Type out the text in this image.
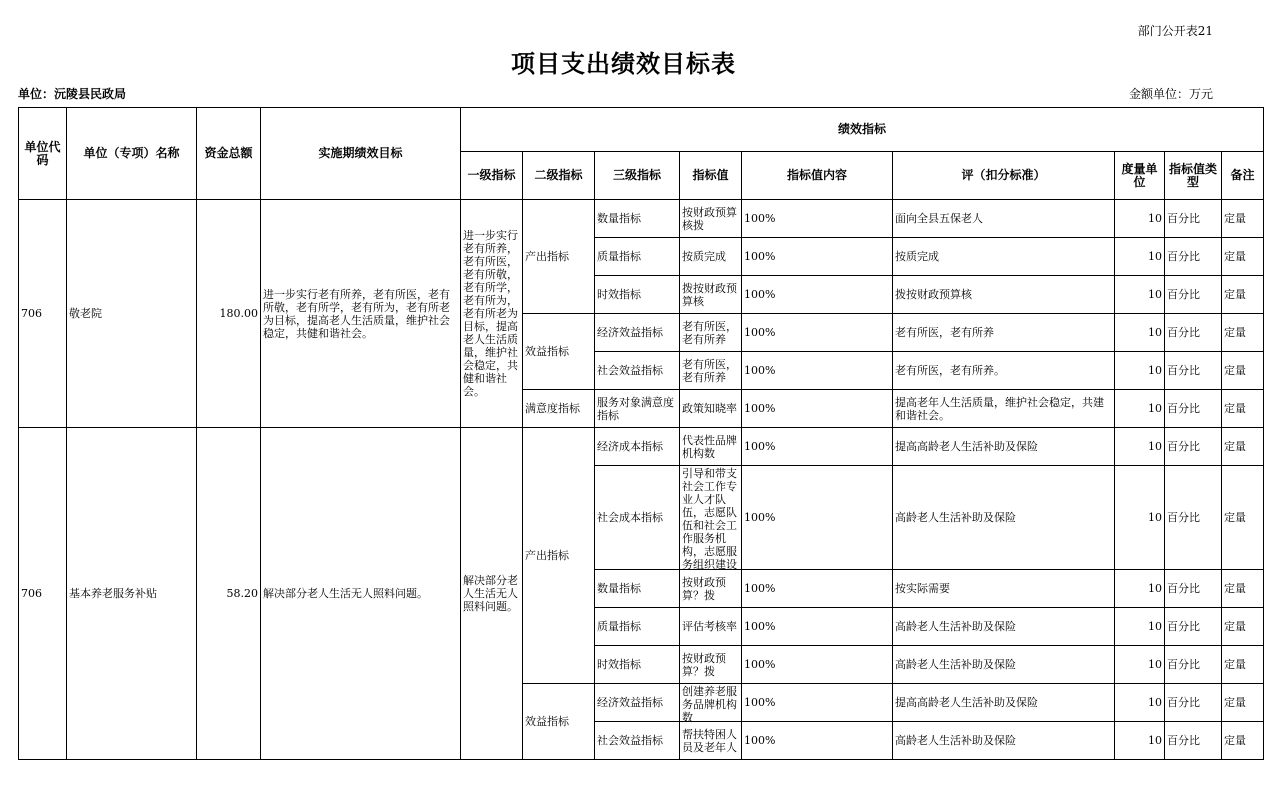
部门公开表21
项目支出绩效目标表
单位：沅陵县民政局	金额单位：万元
单位代码	单位（专项）名称	资金总额	实施期绩效目标	绩效指标								
				一级指标	二级指标	三级指标	指标值	指标值内容	评（扣分标准）	度量单位	指标值类型	备注
706	敬老院	180.00	进一步实行老有所养，老有所医，老有所敬，老有所学，老有所为，老有所老为目标，提高老人生活质量，维护社会稳定，共健和谐社会。	进一步实行老有所养，老有所医，老有所敬，老有所学，老有所为，老有所老为目标，提高老人生活质量，维护社会稳定，共健和谐社会。	产出指标	数量指标	按财政预算核拨	100%	面向全县五保老人	10	百分比	定量
						质量指标	按质完成	100%	按质完成	10	百分比	定量
						时效指标	拨按财政预算核	100%	拨按财政预算核	10	百分比	定量
					效益指标	经济效益指标	老有所医，老有所养	100%	老有所医，老有所养	10	百分比	定量
						社会效益指标	老有所医，老有所养	100%	老有所医，老有所养。	10	百分比	定量
					满意度指标	服务对象满意度指标	政策知晓率	100%	提高老年人生活质量，维护社会稳定，共建和谐社会。	10	百分比	定量
706	基本养老服务补贴	58.20	解决部分老人生活无人照料问题。	解决部分老人生活无人照料问题。	产出指标	经济成本指标	代表性品牌机构数	100%	提高高龄老人生活补助及保险	10	百分比	定量
						社会成本指标	引导和带支社会工作专业人才队伍，志愿队伍和社会工作服务机构，志愿服务组织建设	100%	高龄老人生活补助及保险	10	百分比	定量
						数量指标	按财政预算？拨	100%	按实际需要	10	百分比	定量
						质量指标	评估考核率	100%	高龄老人生活补助及保险	10	百分比	定量
						时效指标	按财政预算？拨	100%	高龄老人生活补助及保险	10	百分比	定量
					效益指标	经济效益指标	创建养老服务品牌机构数	100%	提高高龄老人生活补助及保险	10	百分比	定量
						社会效益指标	帮扶特困人员及老年人	100%	高龄老人生活补助及保险	10	百分比	定量
